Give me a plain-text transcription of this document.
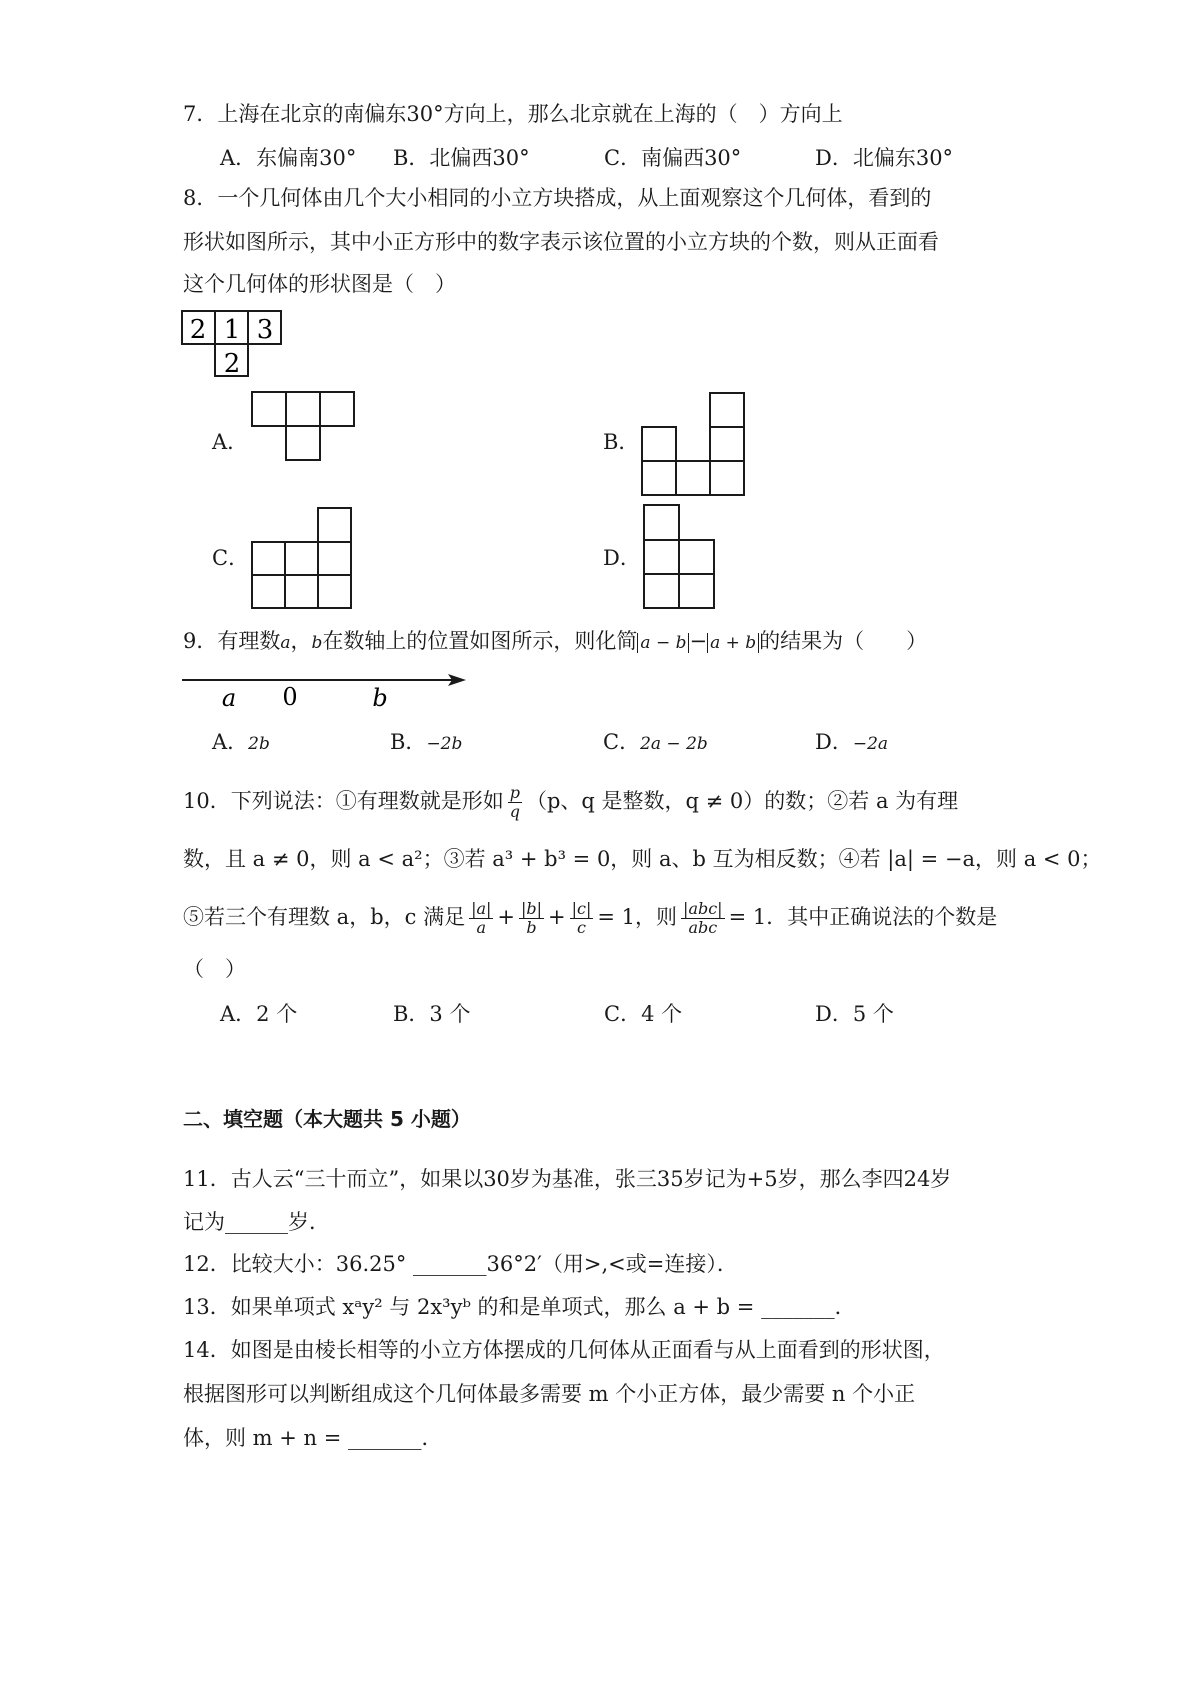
7．上海在北京的南偏东30°方向上，那么北京就在上海的（　）方向上
A．东偏南30° B．北偏西30°	C．南偏西30°	D．北偏东30°
8．一个几何体由几个大小相同的小立方块搭成，从上面观察这个几何体，看到的
形状如图所示，其中小正方形中的数字表示该位置的小立方块的个数，则从正面看
这个几何体的形状图是（　）
2 1 3
2
A．	B．
C．	D．
9．有理数a，b在数轴上的位置如图所示，则化简 a − b − a + b 的结果为（　　）
a 0	b
A．2b	B．−2b	C．2a − 2b	D．−2a
10．下列说法：①有理数就是形如 $\frac{p}{q} (p$、q 是整数，q ≠ 0）的数；②若 a 为有理
数，且 a ≠ 0，则 a < a²；③若 a³ + b³ = 0，则 a、b 互为相反数；④若 |a| = −a，则 a < 0；
⑤若三个有理数 a，b，c 满足 $\frac{|a|}{a} + \frac{|b|}{b} + \frac{|c|}{c} = 1$，则 $\frac{\text{|abc|}}{\text{abc}} = 1$．其中正确说法的个数是
（　）
A．2 个	B．3 个	C．4 个	D．5 个
二、填空题（本大题共 5 小题）
11．古人云“三十而立”，如果以30岁为基准，张三35岁记为+5岁，那么李四24岁
记为______岁．
12．比较大小：36.25° _______36°2′（用>,<或=连接）．
13．如果单项式 xᵃy² 与 2x³yᵇ 的和是单项式，那么 a + b = _______．
14．如图是由棱长相等的小立方体摆成的几何体从正面看与从上面看到的形状图，
根据图形可以判断组成这个几何体最多需要 m 个小正方体，最少需要 n 个小正
体，则 m + n = _______．
